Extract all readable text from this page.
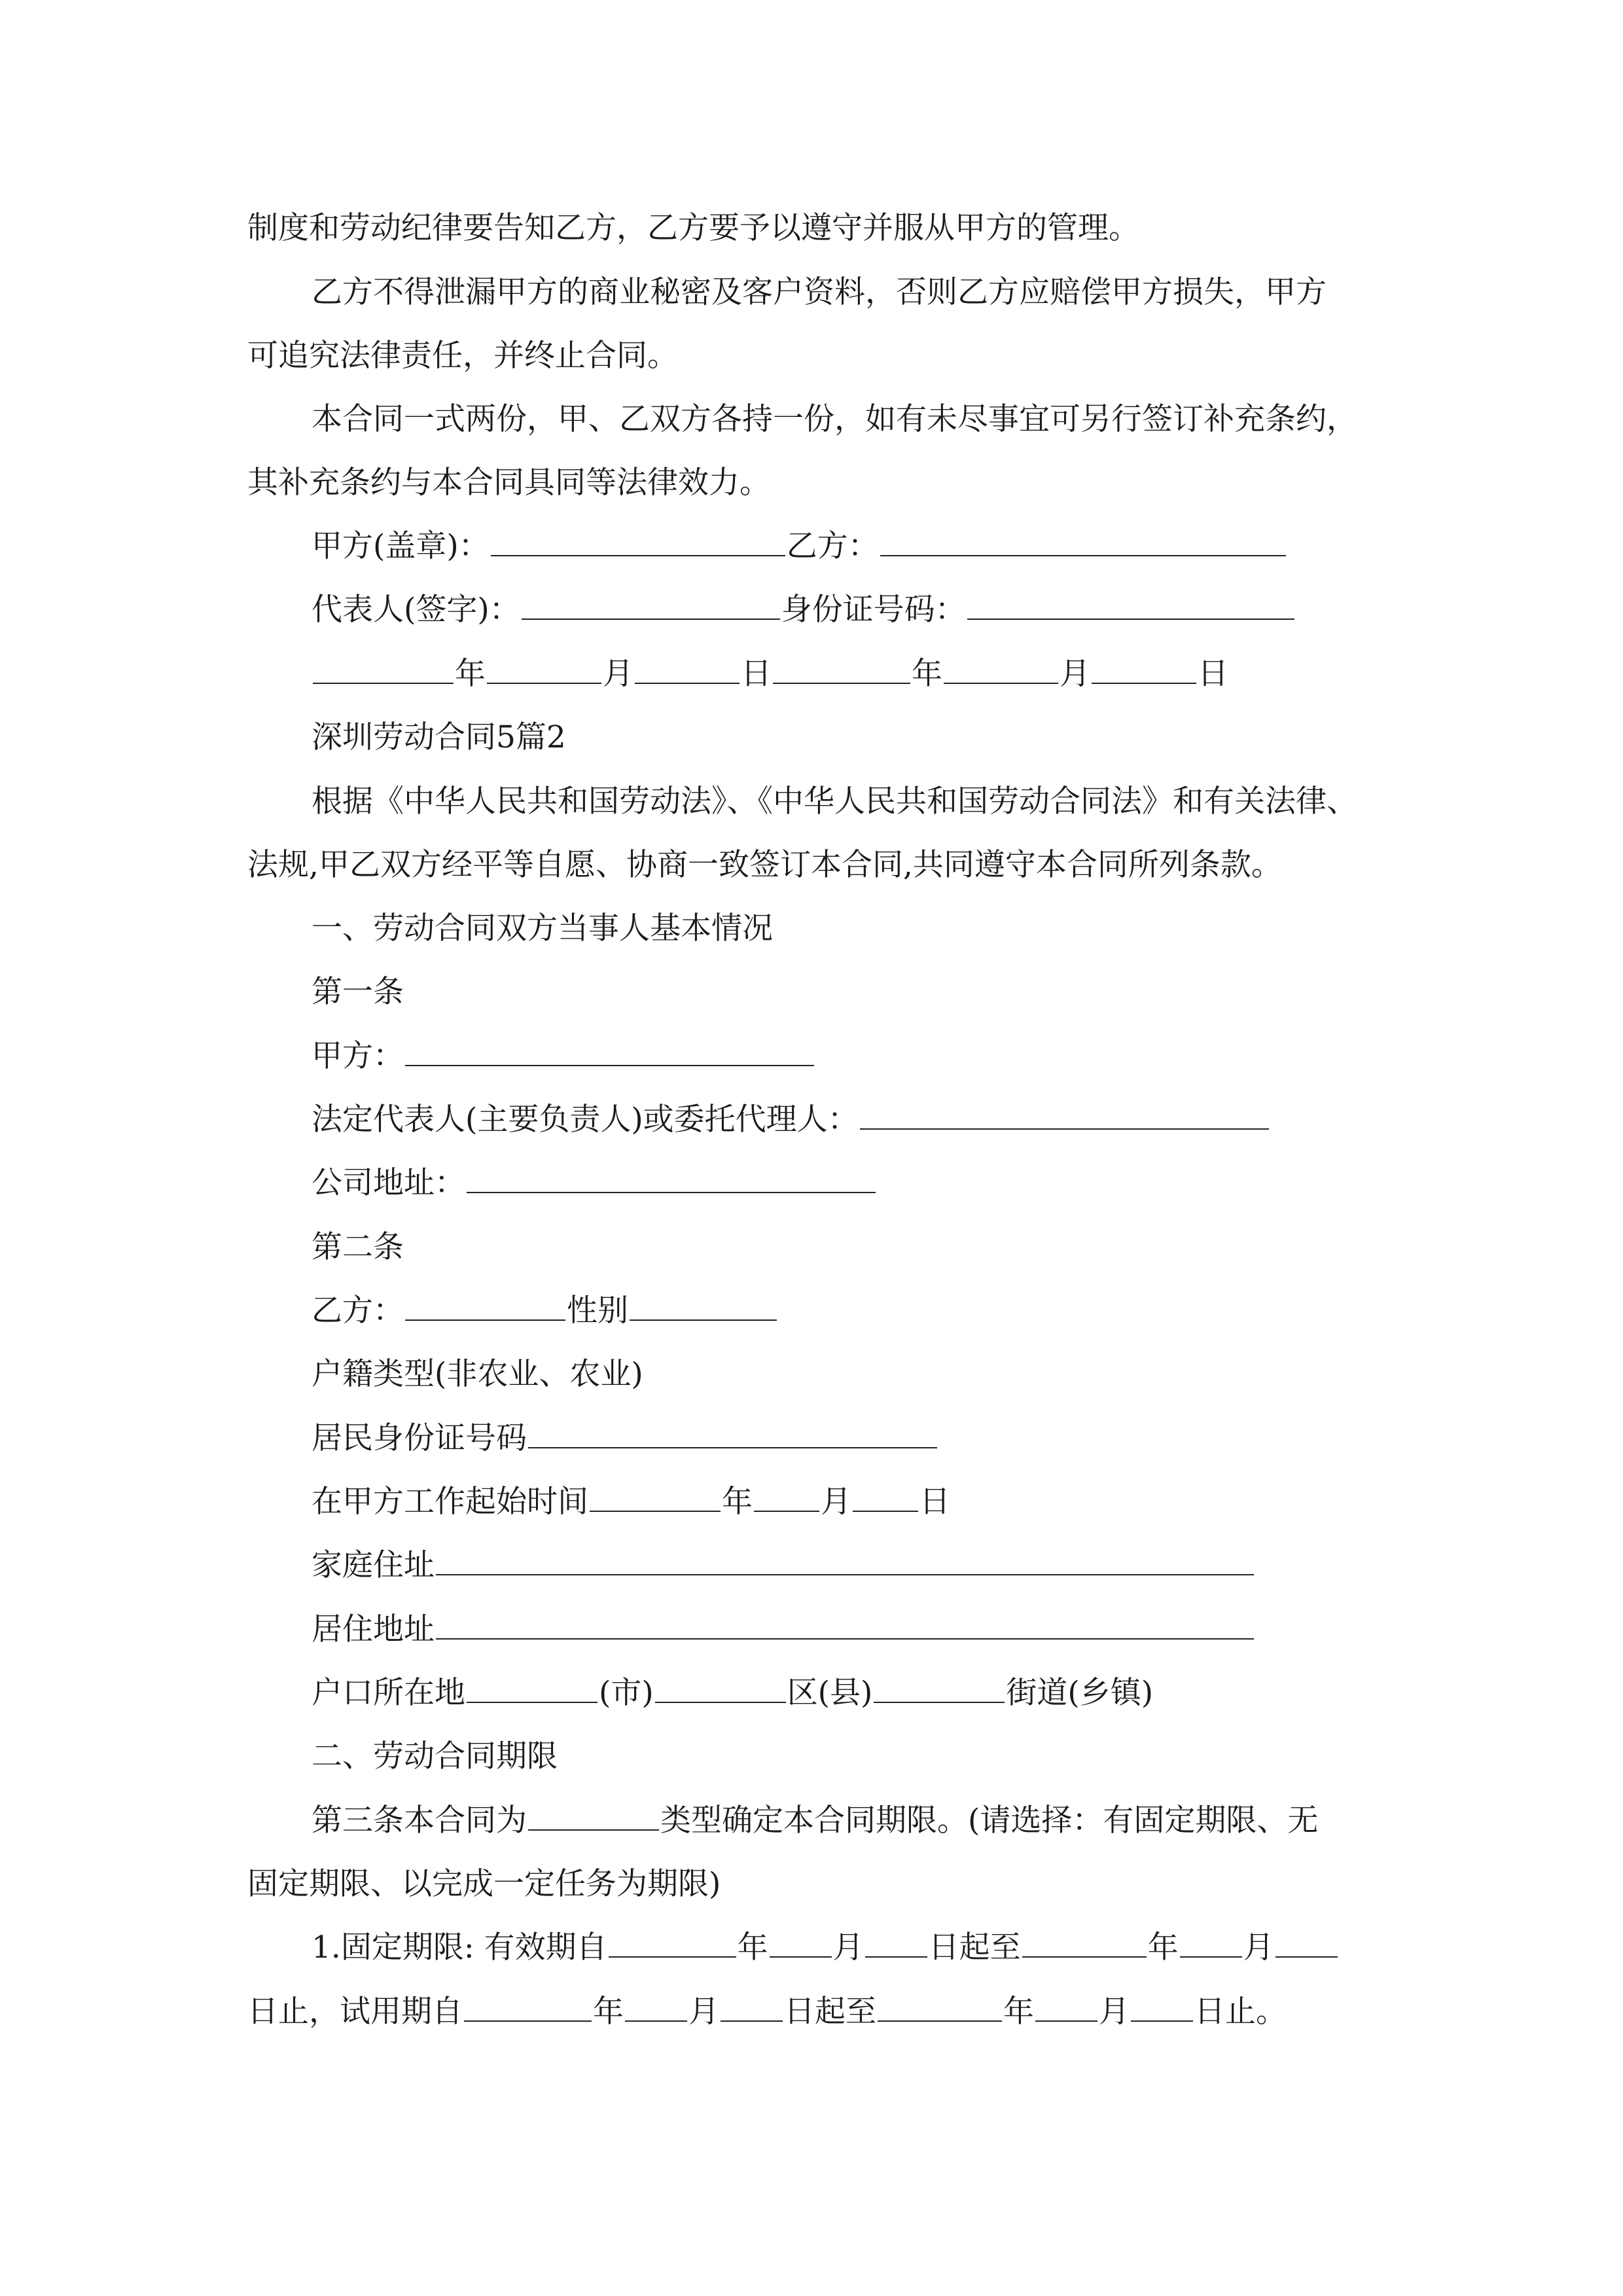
制度和劳动纪律要告知乙方，乙方要予以遵守并服从甲方的管理。
乙方不得泄漏甲方的商业秘密及客户资料，否则乙方应赔偿甲方损失，甲方
可追究法律责任，并终止合同。
本合同一式两份，甲、乙双方各持一份，如有未尽事宜可另行签订补充条约，
其补充条约与本合同具同等法律效力。
甲方(盖章)：	乙方：
代表人(签字)：	身份证号码：
年	月	日	年	月	日
深圳劳动合同5篇2
根据《中华人民共和国劳动法》、《中华人民共和国劳动合同法》和有关法律、
法规,甲乙双方经平等自愿、协商一致签订本合同,共同遵守本合同所列条款。
一、劳动合同双方当事人基本情况
第一条
甲方：
法定代表人(主要负责人)或委托代理人：
公司地址：
第二条
乙方：	性别
户籍类型(非农业、农业)
居民身份证号码
在甲方工作起始时间	年 月 日
家庭住址
居住地址
户口所在地	(市)	区(县)	街道(乡镇)
二、劳动合同期限
第三条本合同为	类型确定本合同期限。(请选择：有固定期限、无
固定期限、以完成一定任务为期限)
1.固定期限: 有效期自	年 月 日起至	年 月
日止，试用期自	年 月 日起至	年 月 日止。
